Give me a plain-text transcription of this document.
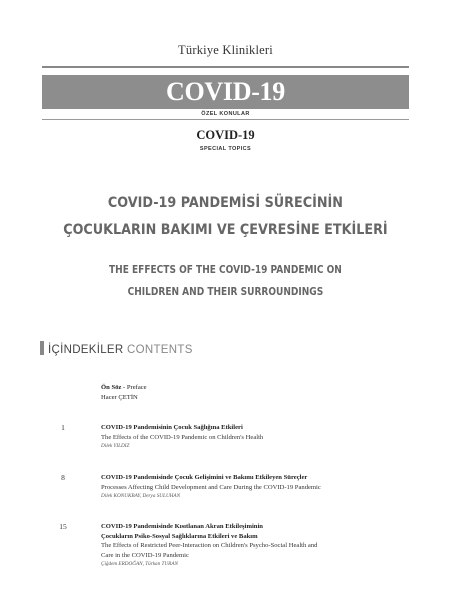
Türkiye Klinikleri
COVID-19
ÖZEL KONULAR
COVID-19
SPECIAL TOPICS
COVID-19 PANDEMİSİ SÜRECİNİN
ÇOCUKLARIN BAKIMI VE ÇEVRESİNE ETKİLERİ
THE EFFECTS OF THE COVID-19 PANDEMIC ON
CHILDREN AND THEIR SURROUNDINGS
İÇİNDEKİLER CONTENTS
Ön Söz - Preface
Hacer ÇETİN
1	COVID-19 Pandemisinin Çocuk Sağlığına Etkileri
The Effects of the COVID-19 Pandemic on Children's Health
Dilek YILDIZ
8	COVID-19 Pandemisinde Çocuk Gelişimini ve Bakımı Etkileyen Süreçler
Processes Affecting Child Development and Care During the COVID-19 Pandemic
Dilek KONUKBAY, Derya SULUHAN
15	COVID-19 Pandemisinde Kısıtlanan Akran Etkileşiminin
Çocukların Psiko-Sosyal Sağlıklarına Etkileri ve Bakım
The Effects of Restricted Peer-Interaction on Children's Psycho-Social Health and
Care in the COVID-19 Pandemic
Çiğdem ERDOĞAN, Türkan TURAN
